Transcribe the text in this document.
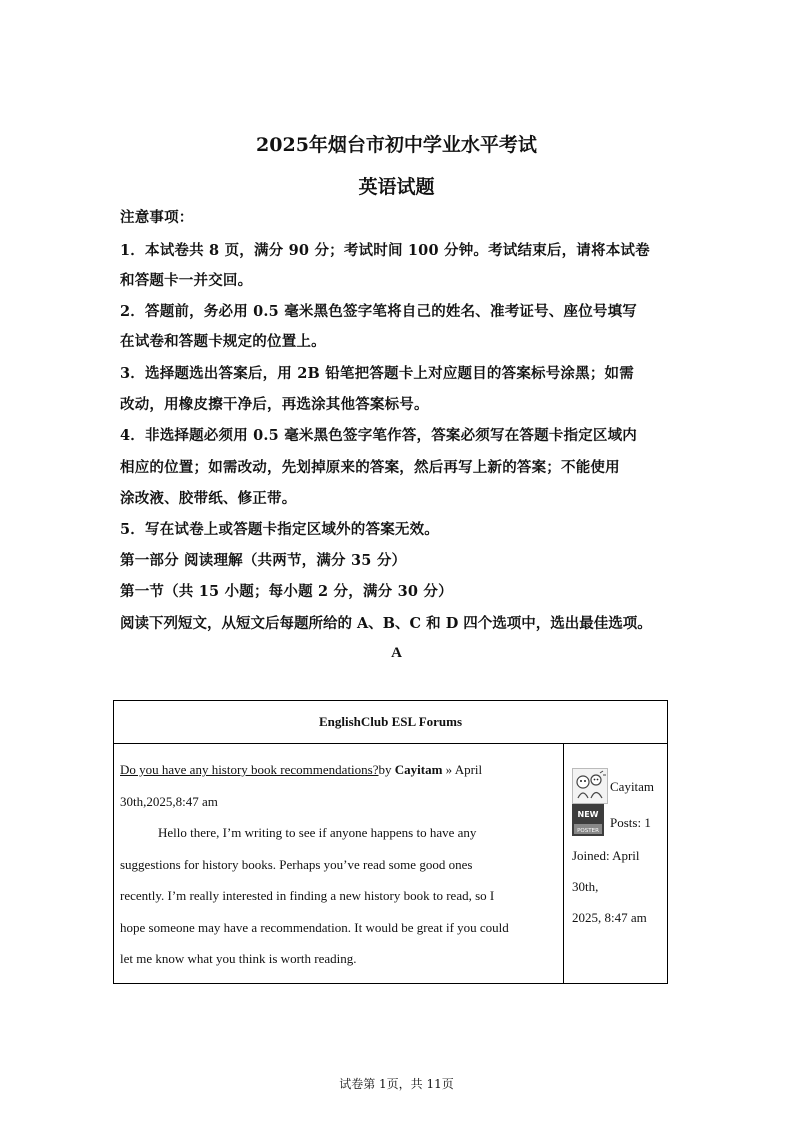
2025年烟台市初中学业水平考试
英语试题
注意事项：
1．本试卷共 8 页，满分 90 分；考试时间 100 分钟。考试结束后，请将本试卷
和答题卡一并交回。
2．答题前，务必用 0.5 毫米黑色签字笔将自己的姓名、准考证号、座位号填写
在试卷和答题卡规定的位置上。
3．选择题选出答案后，用 2B 铅笔把答题卡上对应题目的答案标号涂黑；如需
改动，用橡皮擦干净后，再选涂其他答案标号。
4．非选择题必须用 0.5 毫米黑色签字笔作答，答案必须写在答题卡指定区域内
相应的位置；如需改动，先划掉原来的答案，然后再写上新的答案；不能使用
涂改液、胶带纸、修正带。
5．写在试卷上或答题卡指定区域外的答案无效。
第一部分 阅读理解（共两节，满分 35 分）
第一节（共 15 小题；每小题 2 分，满分 30 分）
阅读下列短文，从短文后每题所给的 A、B、C 和 D 四个选项中，选出最佳选项。
A
EnglishClub ESL Forums

Do you have any history book recommendations?by Cayitam » April
30th,2025,8:47 am
Hello there, I’m writing to see if anyone happens to have any
suggestions for history books. Perhaps you’ve read some good ones
recently. I’m really interested in finding a new history book to read, so I
hope someone may have a recommendation. It would be great if you could
let me know what you think is worth reading.

Cayitam
NEW
POSTER
Posts: 1
Joined: April
30th,
2025, 8:47 am
试卷第 1页，共 11页
